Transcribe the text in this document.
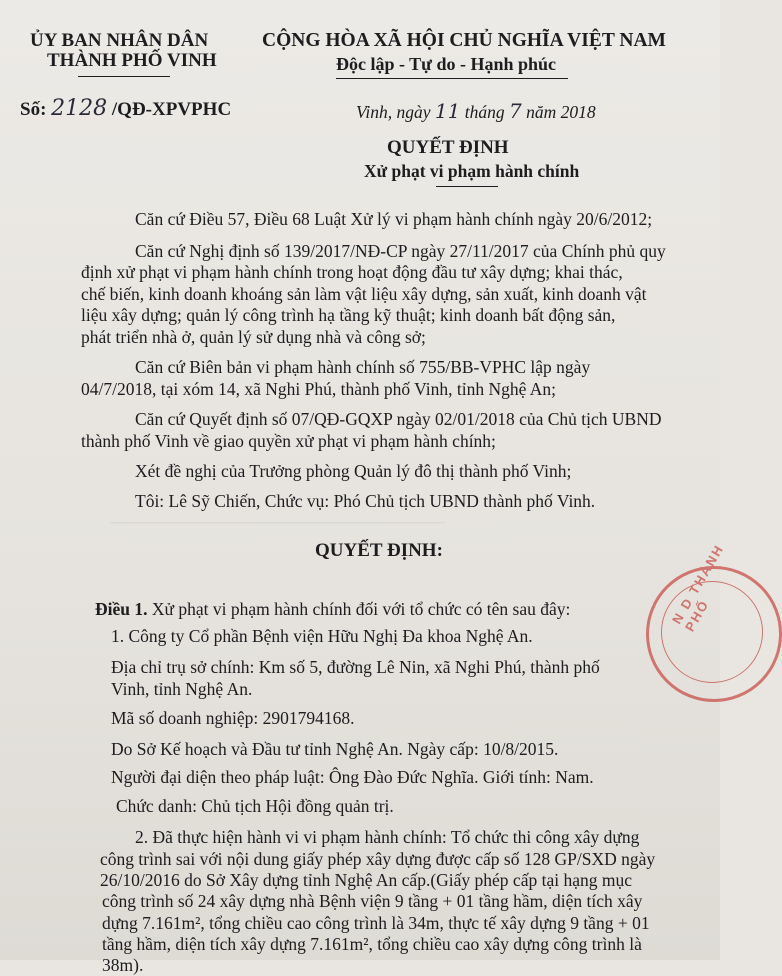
ỦY BAN NHÂN DÂN
THÀNH PHỐ VINH
CỘNG HÒA XÃ HỘI CHỦ NGHĨA VIỆT NAM
Độc lập - Tự do - Hạnh phúc
Số: 2128 /QĐ-XPVPHC	Vinh, ngày 11 tháng 7 năm 2018
QUYẾT ĐỊNH
Xử phạt vi phạm hành chính
Căn cứ Điều 57, Điều 68 Luật Xử lý vi phạm hành chính ngày 20/6/2012;
Căn cứ Nghị định số 139/2017/NĐ-CP ngày 27/11/2017 của Chính phủ quy
định xử phạt vi phạm hành chính trong hoạt động đầu tư xây dựng; khai thác,
chế biến, kinh doanh khoáng sản làm vật liệu xây dựng, sản xuất, kinh doanh vật
liệu xây dựng; quản lý công trình hạ tầng kỹ thuật; kinh doanh bất động sản,
phát triển nhà ở, quản lý sử dụng nhà và công sở;
Căn cứ Biên bản vi phạm hành chính số 755/BB-VPHC lập ngày
04/7/2018, tại xóm 14, xã Nghi Phú, thành phố Vinh, tỉnh Nghệ An;
Căn cứ Quyết định số 07/QĐ-GQXP ngày 02/01/2018 của Chủ tịch UBND
thành phố Vinh về giao quyền xử phạt vi phạm hành chính;
Xét đề nghị của Trưởng phòng Quản lý đô thị thành phố Vinh;
Tôi: Lê Sỹ Chiến, Chức vụ: Phó Chủ tịch UBND thành phố Vinh.
————————————————————————
QUYẾT ĐỊNH:
Điều 1. Xử phạt vi phạm hành chính đối với tổ chức có tên sau đây:
1. Công ty Cổ phần Bệnh viện Hữu Nghị Đa khoa Nghệ An.
Địa chỉ trụ sở chính: Km số 5, đường Lê Nin, xã Nghi Phú, thành phố
Vinh, tỉnh Nghệ An.
Mã số doanh nghiệp: 2901794168.
Do Sở Kế hoạch và Đầu tư tỉnh Nghệ An. Ngày cấp: 10/8/2015.
Người đại diện theo pháp luật: Ông Đào Đức Nghĩa. Giới tính: Nam.
Chức danh: Chủ tịch Hội đồng quản trị.
2. Đã thực hiện hành vi vi phạm hành chính: Tổ chức thi công xây dựng
công trình sai với nội dung giấy phép xây dựng được cấp số 128 GP/SXD ngày
26/10/2016 do Sở Xây dựng tỉnh Nghệ An cấp.(Giấy phép cấp tại hạng mục
công trình số 24 xây dựng nhà Bệnh viện 9 tầng + 01 tầng hầm, diện tích xây
dựng 7.161m², tổng chiều cao công trình là 34m, thực tế xây dựng 9 tầng + 01
tầng hầm, diện tích xây dựng 7.161m², tổng chiều cao xây dựng công trình là
38m).
N D THÀNH PHỐ
